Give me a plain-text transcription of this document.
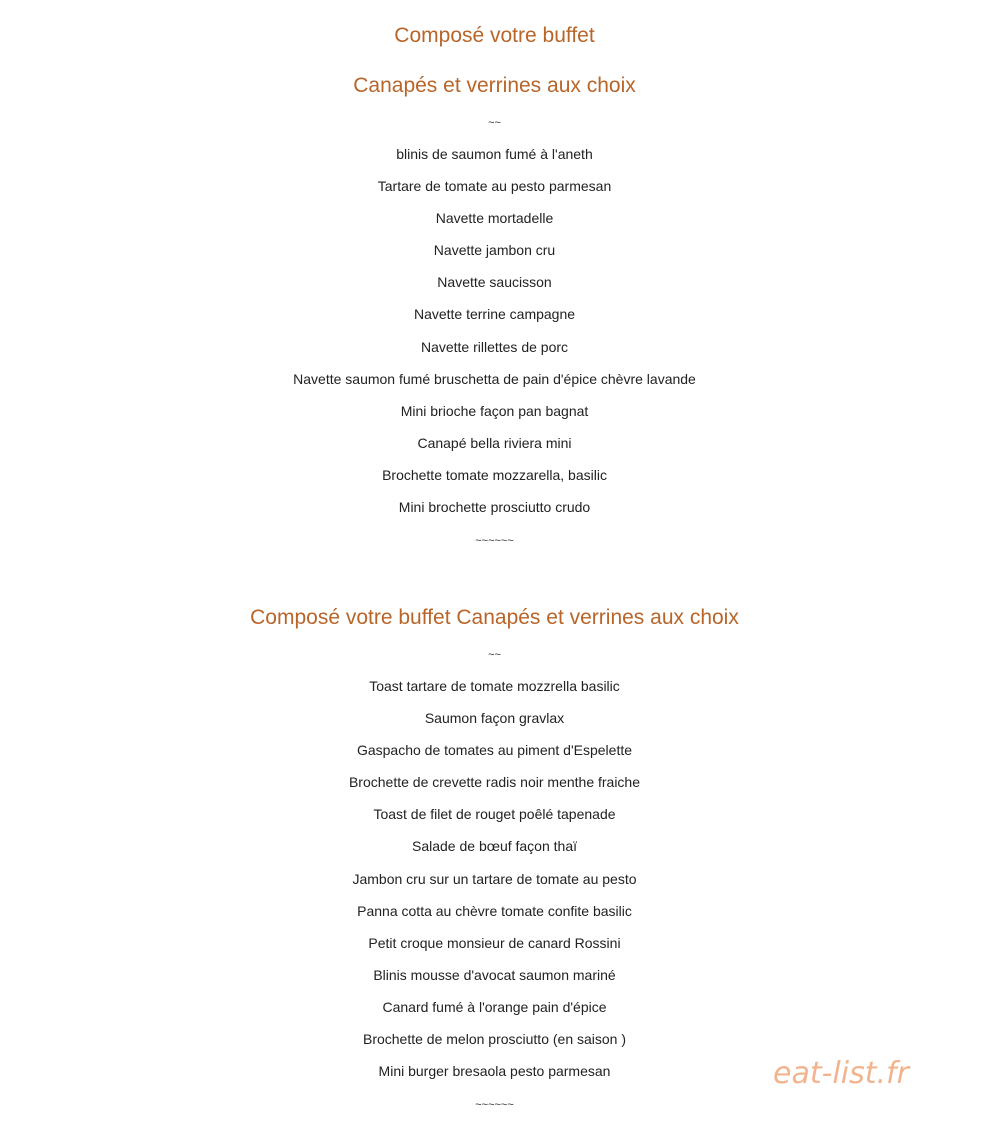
Composé votre buffet
Canapés et verrines aux choix
~~
blinis de saumon fumé à l'aneth
Tartare de tomate au pesto parmesan
Navette mortadelle
Navette jambon cru
Navette saucisson
Navette terrine campagne
Navette rillettes de porc
Navette saumon fumé bruschetta de pain d'épice chèvre lavande
Mini brioche façon pan bagnat
Canapé bella riviera mini
Brochette tomate mozzarella, basilic
Mini brochette prosciutto crudo
~~~~~~
Composé votre buffet Canapés et verrines aux choix
~~
Toast tartare de tomate mozzrella basilic
Saumon façon gravlax
Gaspacho de tomates au piment d'Espelette
Brochette de crevette radis noir menthe fraiche
Toast de filet de rouget poêlé tapenade
Salade de bœuf façon thaï
Jambon cru sur un tartare de tomate au pesto
Panna cotta au chèvre tomate confite basilic
Petit croque monsieur de canard Rossini
Blinis mousse d'avocat saumon mariné
Canard fumé à l'orange pain d'épice
Brochette de melon prosciutto (en saison )
Mini burger bresaola pesto parmesan
~~~~~~
eat-list.fr
